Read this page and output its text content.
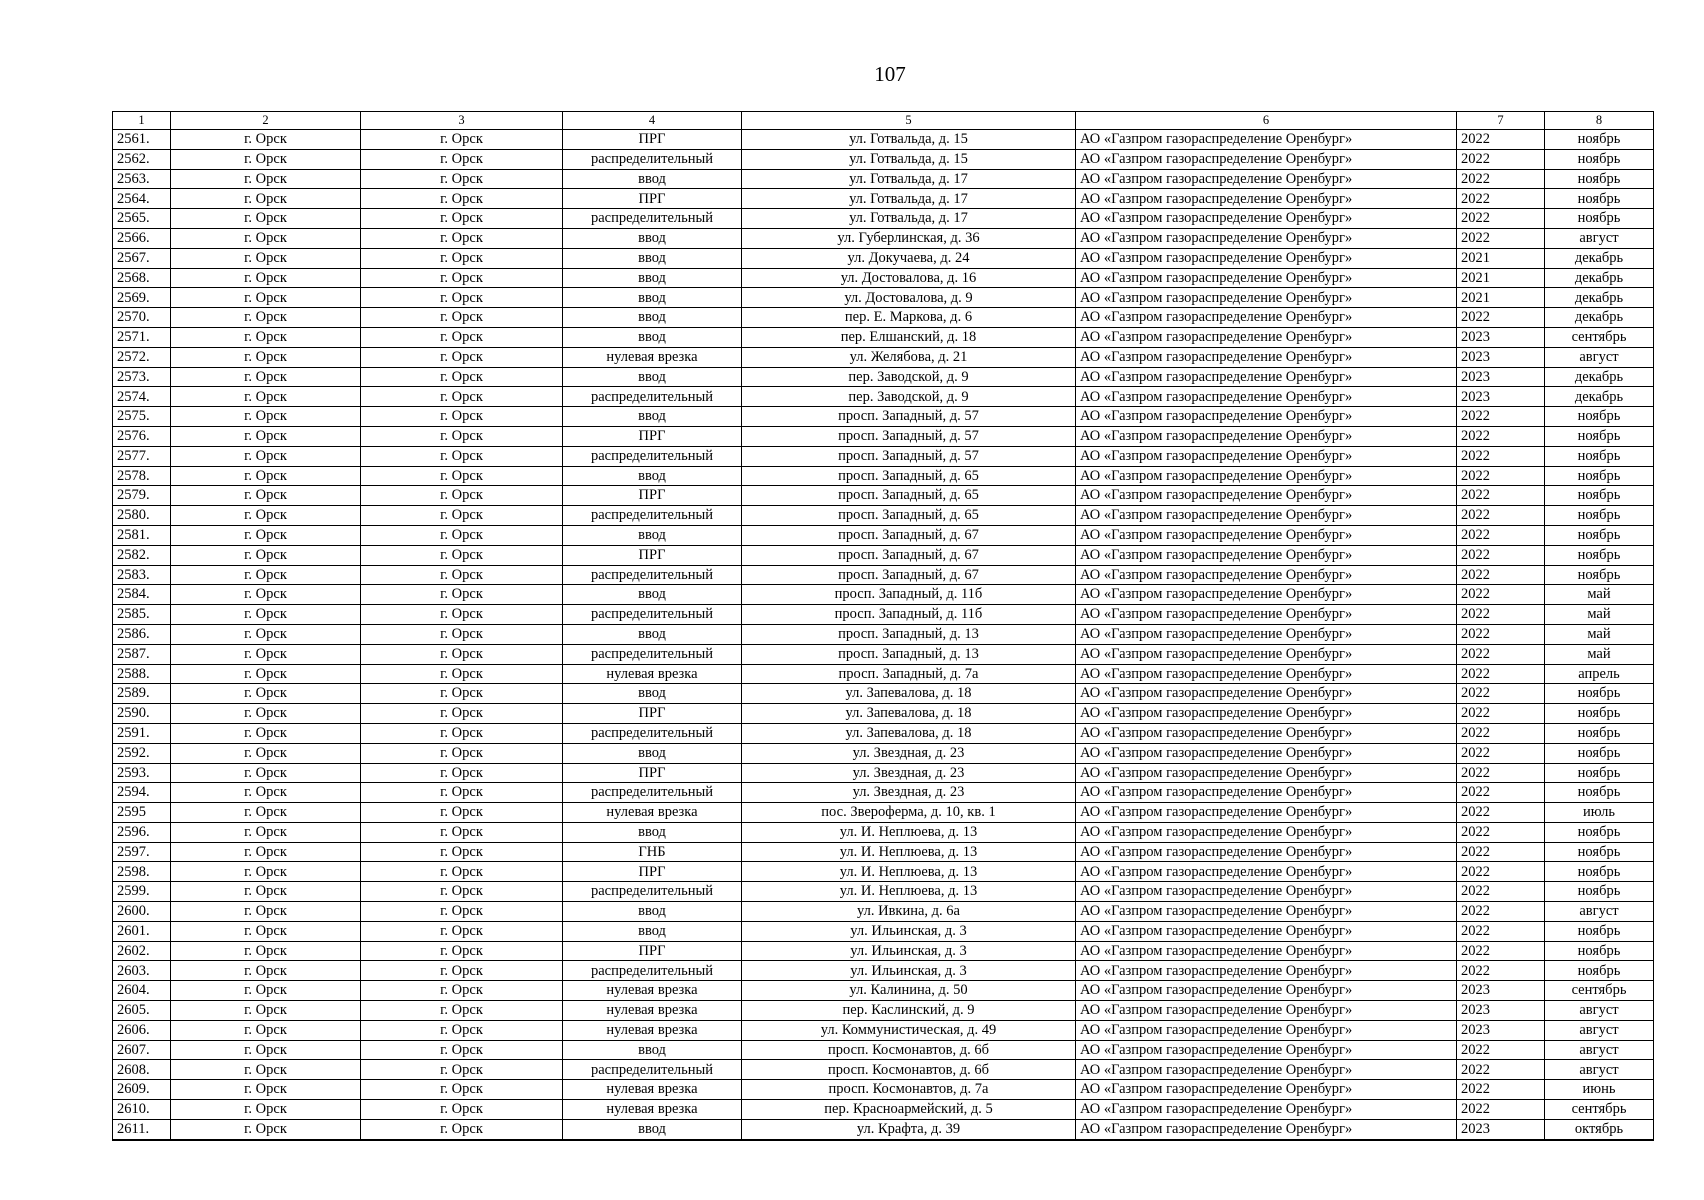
107
1	2	3	4	5	6	7	8
2561.	г. Орск	г. Орск	ПРГ	ул. Готвальда, д. 15	АО «Газпром газораспределение Оренбург»	2022	ноябрь
2562.	г. Орск	г. Орск	распределительный	ул. Готвальда, д. 15	АО «Газпром газораспределение Оренбург»	2022	ноябрь
2563.	г. Орск	г. Орск	ввод	ул. Готвальда, д. 17	АО «Газпром газораспределение Оренбург»	2022	ноябрь
2564.	г. Орск	г. Орск	ПРГ	ул. Готвальда, д. 17	АО «Газпром газораспределение Оренбург»	2022	ноябрь
2565.	г. Орск	г. Орск	распределительный	ул. Готвальда, д. 17	АО «Газпром газораспределение Оренбург»	2022	ноябрь
2566.	г. Орск	г. Орск	ввод	ул. Губерлинская, д. 36	АО «Газпром газораспределение Оренбург»	2022	август
2567.	г. Орск	г. Орск	ввод	ул. Докучаева, д. 24	АО «Газпром газораспределение Оренбург»	2021	декабрь
2568.	г. Орск	г. Орск	ввод	ул. Достовалова, д. 16	АО «Газпром газораспределение Оренбург»	2021	декабрь
2569.	г. Орск	г. Орск	ввод	ул. Достовалова, д. 9	АО «Газпром газораспределение Оренбург»	2021	декабрь
2570.	г. Орск	г. Орск	ввод	пер. Е. Маркова, д. 6	АО «Газпром газораспределение Оренбург»	2022	декабрь
2571.	г. Орск	г. Орск	ввод	пер. Елшанский, д. 18	АО «Газпром газораспределение Оренбург»	2023	сентябрь
2572.	г. Орск	г. Орск	нулевая врезка	ул. Желябова, д. 21	АО «Газпром газораспределение Оренбург»	2023	август
2573.	г. Орск	г. Орск	ввод	пер. Заводской, д. 9	АО «Газпром газораспределение Оренбург»	2023	декабрь
2574.	г. Орск	г. Орск	распределительный	пер. Заводской, д. 9	АО «Газпром газораспределение Оренбург»	2023	декабрь
2575.	г. Орск	г. Орск	ввод	просп. Западный, д. 57	АО «Газпром газораспределение Оренбург»	2022	ноябрь
2576.	г. Орск	г. Орск	ПРГ	просп. Западный, д. 57	АО «Газпром газораспределение Оренбург»	2022	ноябрь
2577.	г. Орск	г. Орск	распределительный	просп. Западный, д. 57	АО «Газпром газораспределение Оренбург»	2022	ноябрь
2578.	г. Орск	г. Орск	ввод	просп. Западный, д. 65	АО «Газпром газораспределение Оренбург»	2022	ноябрь
2579.	г. Орск	г. Орск	ПРГ	просп. Западный, д. 65	АО «Газпром газораспределение Оренбург»	2022	ноябрь
2580.	г. Орск	г. Орск	распределительный	просп. Западный, д. 65	АО «Газпром газораспределение Оренбург»	2022	ноябрь
2581.	г. Орск	г. Орск	ввод	просп. Западный, д. 67	АО «Газпром газораспределение Оренбург»	2022	ноябрь
2582.	г. Орск	г. Орск	ПРГ	просп. Западный, д. 67	АО «Газпром газораспределение Оренбург»	2022	ноябрь
2583.	г. Орск	г. Орск	распределительный	просп. Западный, д. 67	АО «Газпром газораспределение Оренбург»	2022	ноябрь
2584.	г. Орск	г. Орск	ввод	просп. Западный, д. 11б	АО «Газпром газораспределение Оренбург»	2022	май
2585.	г. Орск	г. Орск	распределительный	просп. Западный, д. 11б	АО «Газпром газораспределение Оренбург»	2022	май
2586.	г. Орск	г. Орск	ввод	просп. Западный, д. 13	АО «Газпром газораспределение Оренбург»	2022	май
2587.	г. Орск	г. Орск	распределительный	просп. Западный, д. 13	АО «Газпром газораспределение Оренбург»	2022	май
2588.	г. Орск	г. Орск	нулевая врезка	просп. Западный, д. 7а	АО «Газпром газораспределение Оренбург»	2022	апрель
2589.	г. Орск	г. Орск	ввод	ул. Запевалова, д. 18	АО «Газпром газораспределение Оренбург»	2022	ноябрь
2590.	г. Орск	г. Орск	ПРГ	ул. Запевалова, д. 18	АО «Газпром газораспределение Оренбург»	2022	ноябрь
2591.	г. Орск	г. Орск	распределительный	ул. Запевалова, д. 18	АО «Газпром газораспределение Оренбург»	2022	ноябрь
2592.	г. Орск	г. Орск	ввод	ул. Звездная, д. 23	АО «Газпром газораспределение Оренбург»	2022	ноябрь
2593.	г. Орск	г. Орск	ПРГ	ул. Звездная, д. 23	АО «Газпром газораспределение Оренбург»	2022	ноябрь
2594.	г. Орск	г. Орск	распределительный	ул. Звездная, д. 23	АО «Газпром газораспределение Оренбург»	2022	ноябрь
2595	г. Орск	г. Орск	нулевая врезка	пос. Звероферма, д. 10, кв. 1	АО «Газпром газораспределение Оренбург»	2022	июль
2596.	г. Орск	г. Орск	ввод	ул. И. Неплюева, д. 13	АО «Газпром газораспределение Оренбург»	2022	ноябрь
2597.	г. Орск	г. Орск	ГНБ	ул. И. Неплюева, д. 13	АО «Газпром газораспределение Оренбург»	2022	ноябрь
2598.	г. Орск	г. Орск	ПРГ	ул. И. Неплюева, д. 13	АО «Газпром газораспределение Оренбург»	2022	ноябрь
2599.	г. Орск	г. Орск	распределительный	ул. И. Неплюева, д. 13	АО «Газпром газораспределение Оренбург»	2022	ноябрь
2600.	г. Орск	г. Орск	ввод	ул. Ивкина, д. 6а	АО «Газпром газораспределение Оренбург»	2022	август
2601.	г. Орск	г. Орск	ввод	ул. Ильинская, д. 3	АО «Газпром газораспределение Оренбург»	2022	ноябрь
2602.	г. Орск	г. Орск	ПРГ	ул. Ильинская, д. 3	АО «Газпром газораспределение Оренбург»	2022	ноябрь
2603.	г. Орск	г. Орск	распределительный	ул. Ильинская, д. 3	АО «Газпром газораспределение Оренбург»	2022	ноябрь
2604.	г. Орск	г. Орск	нулевая врезка	ул. Калинина, д. 50	АО «Газпром газораспределение Оренбург»	2023	сентябрь
2605.	г. Орск	г. Орск	нулевая врезка	пер. Каслинский, д. 9	АО «Газпром газораспределение Оренбург»	2023	август
2606.	г. Орск	г. Орск	нулевая врезка	ул. Коммунистическая, д. 49	АО «Газпром газораспределение Оренбург»	2023	август
2607.	г. Орск	г. Орск	ввод	просп. Космонавтов, д. 6б	АО «Газпром газораспределение Оренбург»	2022	август
2608.	г. Орск	г. Орск	распределительный	просп. Космонавтов, д. 6б	АО «Газпром газораспределение Оренбург»	2022	август
2609.	г. Орск	г. Орск	нулевая врезка	просп. Космонавтов, д. 7а	АО «Газпром газораспределение Оренбург»	2022	июнь
2610.	г. Орск	г. Орск	нулевая врезка	пер. Красноармейский, д. 5	АО «Газпром газораспределение Оренбург»	2022	сентябрь
2611.	г. Орск	г. Орск	ввод	ул. Крафта, д. 39	АО «Газпром газораспределение Оренбург»	2023	октябрь
